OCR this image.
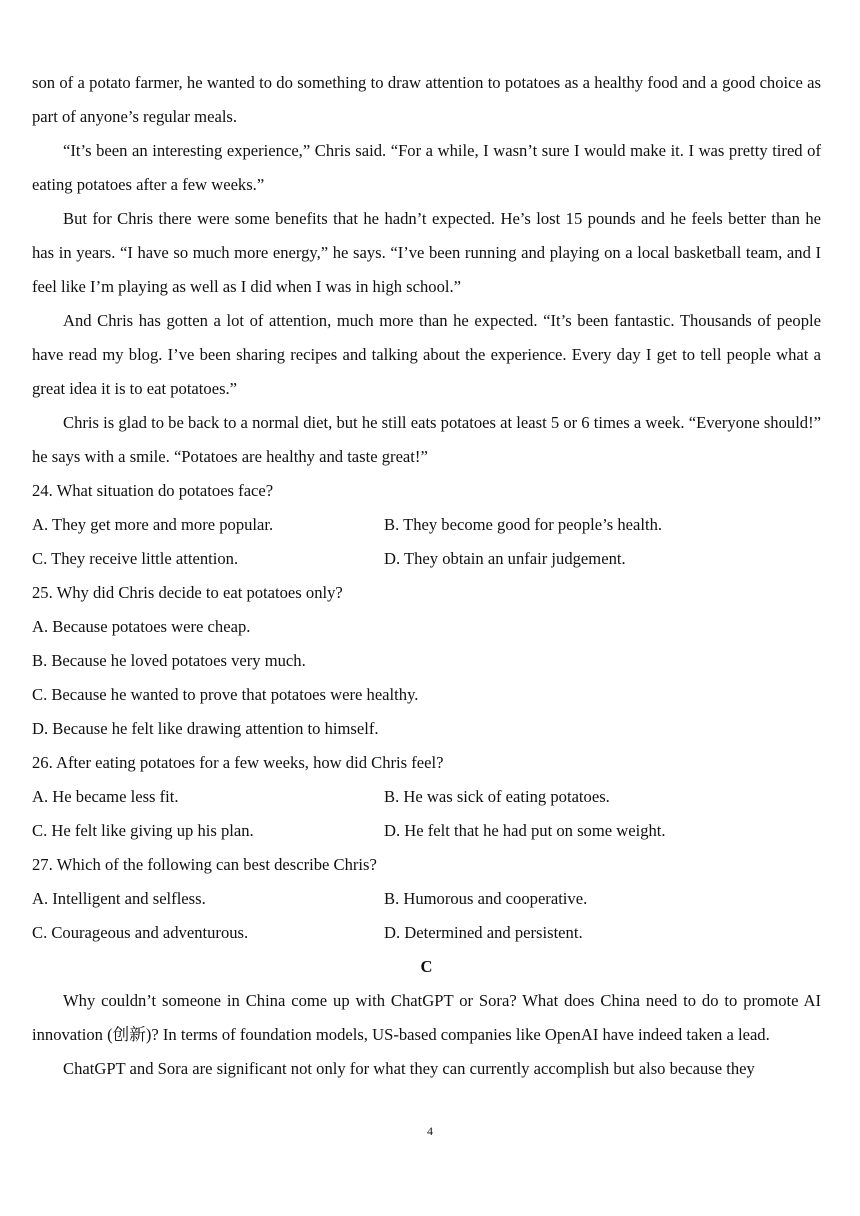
son of a potato farmer, he wanted to do something to draw attention to potatoes as a healthy food and a good choice as part of anyone’s regular meals.

“It’s been an interesting experience,” Chris said. “For a while, I wasn’t sure I would make it. I was pretty tired of eating potatoes after a few weeks.”

But for Chris there were some benefits that he hadn’t expected. He’s lost 15 pounds and he feels better than he has in years. “I have so much more energy,” he says. “I’ve been running and playing on a local basketball team, and I feel like I’m playing as well as I did when I was in high school.”

And Chris has gotten a lot of attention, much more than he expected. “It’s been fantastic. Thousands of people have read my blog. I’ve been sharing recipes and talking about the experience. Every day I get to tell people what a great idea it is to eat potatoes.”

Chris is glad to be back to a normal diet, but he still eats potatoes at least 5 or 6 times a week. “Everyone should!” he says with a smile. “Potatoes are healthy and taste great!”

24. What situation do potatoes face?
A. They get more and more popular.	B. They become good for people’s health.
C. They receive little attention.	D. They obtain an unfair judgement.
25. Why did Chris decide to eat potatoes only?
A. Because potatoes were cheap.
B. Because he loved potatoes very much.
C. Because he wanted to prove that potatoes were healthy.
D. Because he felt like drawing attention to himself.
26. After eating potatoes for a few weeks, how did Chris feel?
A. He became less fit.	B. He was sick of eating potatoes.
C. He felt like giving up his plan.	D. He felt that he had put on some weight.
27. Which of the following can best describe Chris?
A. Intelligent and selfless.	B. Humorous and cooperative.
C. Courageous and adventurous.	D. Determined and persistent.
C

Why couldn’t someone in China come up with ChatGPT or Sora? What does China need to do to promote AI innovation (创新)? In terms of foundation models, US-based companies like OpenAI have indeed taken a lead.

ChatGPT and Sora are significant not only for what they can currently accomplish but also because they

4
